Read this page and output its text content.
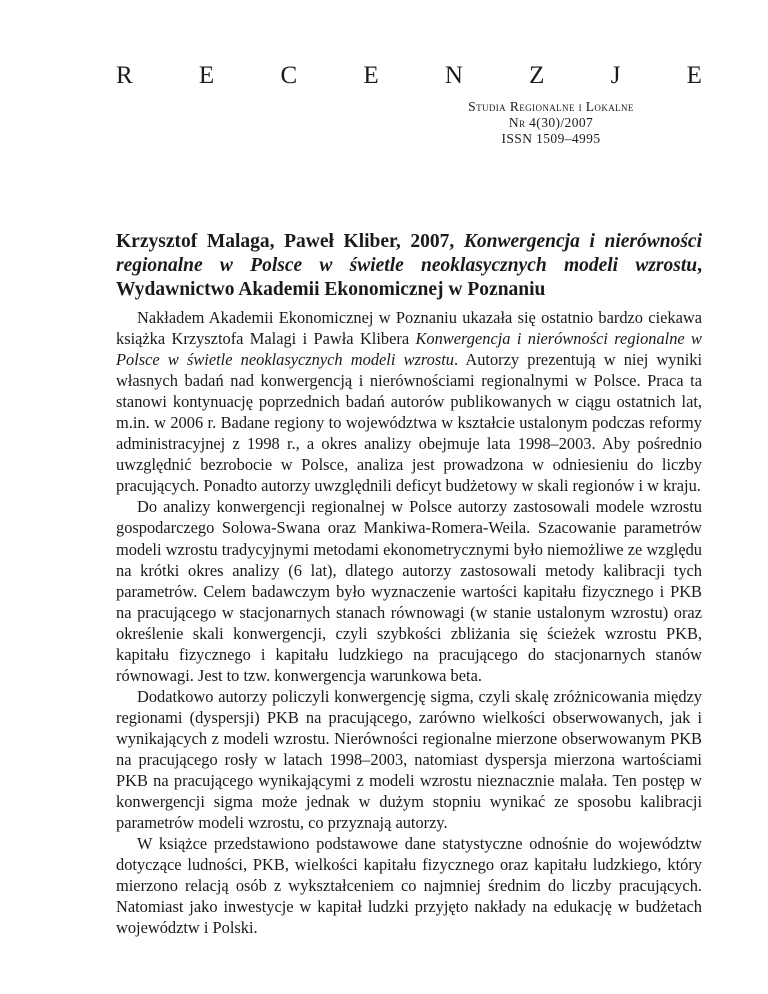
R	E	C	E	N	Z	J	E
Studia Regionalne i Lokalne
Nr 4(30)/2007
ISSN 1509–4995
Krzysztof Malaga, Paweł Kliber, 2007, Konwergencja i nierówności regionalne w Polsce w świetle neoklasycznych modeli wzrostu, Wydawnictwo Akademii Ekonomicznej w Poznaniu

Nakładem Akademii Ekonomicznej w Poznaniu ukazała się ostatnio bardzo ciekawa książka Krzysztofa Malagi i Pawła Klibera Konwergencja i nierówności regionalne w Polsce w świetle neoklasycznych modeli wzrostu. Autorzy prezentują w niej wyniki własnych badań nad konwergencją i nierównościami regionalnymi w Polsce. Praca ta stanowi kontynuację poprzednich badań autorów publikowanych w ciągu ostatnich lat, m.in. w 2006 r. Badane regiony to województwa w kształcie ustalonym podczas reformy administracyjnej z 1998 r., a okres analizy obejmuje lata 1998–2003. Aby pośrednio uwzględnić bezrobocie w Polsce, analiza jest prowadzona w odniesieniu do liczby pracujących. Ponadto autorzy uwzględnili deficyt budżetowy w skali regionów i w kraju.

Do analizy konwergencji regionalnej w Polsce autorzy zastosowali modele wzrostu gospodarczego Solowa-Swana oraz Mankiwa-Romera-Weila. Szacowanie parametrów modeli wzrostu tradycyjnymi metodami ekonometrycznymi było niemożliwe ze względu na krótki okres analizy (6 lat), dlatego autorzy zastosowali metody kalibracji tych parametrów. Celem badawczym było wyznaczenie wartości kapitału fizycznego i PKB na pracującego w stacjonarnych stanach równowagi (w stanie ustalonym wzrostu) oraz określenie skali konwergencji, czyli szybkości zbliżania się ścieżek wzrostu PKB, kapitału fizycznego i kapitału ludzkiego na pracującego do stacjonarnych stanów równowagi. Jest to tzw. konwergencja warunkowa beta.

Dodatkowo autorzy policzyli konwergencję sigma, czyli skalę zróżnicowania między regionami (dyspersji) PKB na pracującego, zarówno wielkości obserwowanych, jak i wynikających z modeli wzrostu. Nierówności regionalne mierzone obserwowanym PKB na pracującego rosły w latach 1998–2003, natomiast dyspersja mierzona wartościami PKB na pracującego wynikającymi z modeli wzrostu nieznacznie malała. Ten postęp w konwergencji sigma może jednak w dużym stopniu wynikać ze sposobu kalibracji parametrów modeli wzrostu, co przyznają autorzy.

W książce przedstawiono podstawowe dane statystyczne odnośnie do województw dotyczące ludności, PKB, wielkości kapitału fizycznego oraz kapitału ludzkiego, który mierzono relacją osób z wykształceniem co najmniej średnim do liczby pracujących. Natomiast jako inwestycje w kapitał ludzki przyjęto nakłady na edukację w budżetach województw i Polski.
